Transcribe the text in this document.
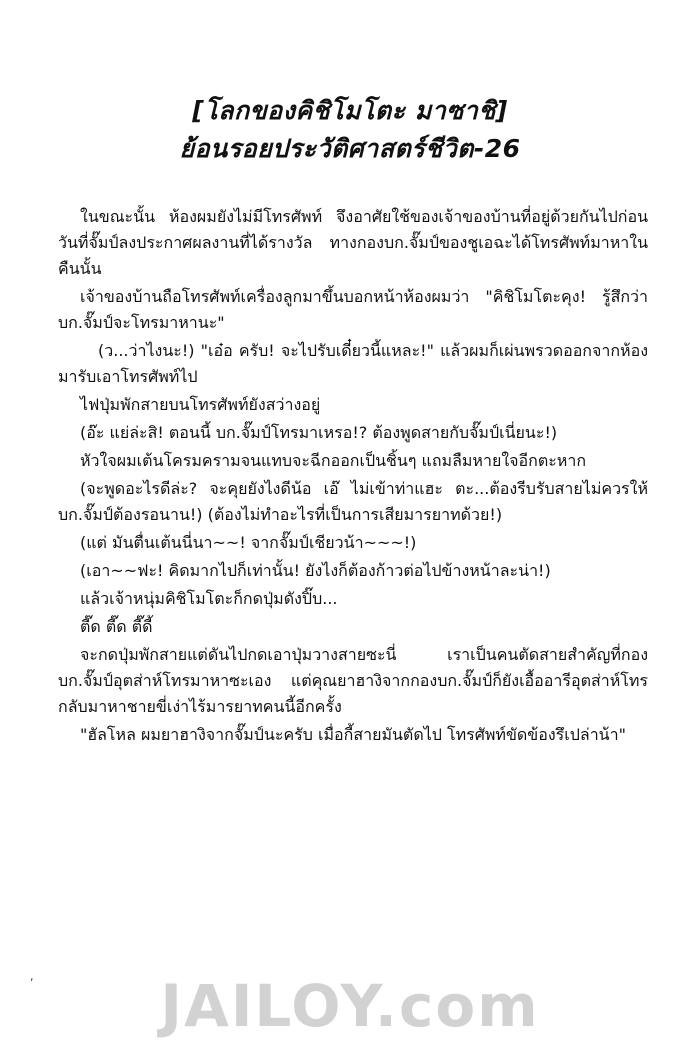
[โลกของคิชิโมโตะ มาซาชิ]
ย้อนรอยประวัติศาสตร์ชีวิต-26

ในขณะนั้น ห้องผมยังไม่มีโทรศัพท์ จึงอาศัยใช้ของเจ้าของบ้านที่อยู่ด้วยกันไปก่อน วันที่จั๊มป์ลงประกาศผลงานที่ได้รางวัล ทางกองบก.จั๊มป์ของชูเอฉะได้โทรศัพท์มาหาในคืนนั้น

เจ้าของบ้านถือโทรศัพท์เครื่องลูกมาขึ้นบอกหน้าห้องผมว่า "คิชิโมโตะคุง! รู้สึกว่าบก.จั๊มป์จะโทรมาหานะ"

(ว...ว่าไงนะ!) "เอ๋อ ครับ! จะไปรับเดี๋ยวนี้แหละ!" แล้วผมก็เผ่นพรวดออกจากห้อง มารับเอาโทรศัพท์ไป

ไฟปุ่มพักสายบนโทรศัพท์ยังสว่างอยู่

(อ๊ะ แย่ล่ะสิ! ตอนนี้ บก.จั๊มป์โทรมาเหรอ!? ต้องพูดสายกับจั๊มป์เนี่ยนะ!)

หัวใจผมเต้นโครมครามจนแทบจะฉีกออกเป็นชิ้นๆ แถมลืมหายใจอีกตะหาก

(จะพูดอะไรดีล่ะ? จะคุยยังไงดีน้อ เอ๊ ไม่เข้าท่าแฮะ ตะ...ต้องรีบรับสายไม่ควรให้บก.จั๊มป์ต้องรอนาน!) (ต้องไม่ทำอะไรที่เป็นการเสียมารยาทด้วย!)

(แต่ มันตื่นเต้นนี่นา~~! จากจั๊มป์เชียวน้า~~~!)

(เอา~~ฟะ! คิดมากไปก็เท่านั้น! ยังไงก็ต้องก้าวต่อไปข้างหน้าละน่า!)

แล้วเจ้าหนุ่มคิชิโมโตะก็กดปุ่มดังปิ๊บ...

ตี๊ด ตี๊ด ตี๊ดี้

จะกดปุ่มพักสายแต่ดันไปกดเอาปุ่มวางสายซะนี่ เราเป็นคนตัดสายสำคัญที่กองบก.จั๊มป์อุตส่าห์โทรมาหาซะเอง แต่คุณยาฮางิจากกองบก.จั๊มป์ก็ยังเอื้ออารีอุตส่าห์โทรกลับมาหาชายขี่เง่าไร้มารยาทคนนี้อีกครั้ง

"ฮัลโหล ผมยาฮางิจากจั๊มป์นะครับ เมื่อกี้สายมันตัดไป โทรศัพท์ขัดข้องรึเปล่าน้า"

,	JAILOY.com
